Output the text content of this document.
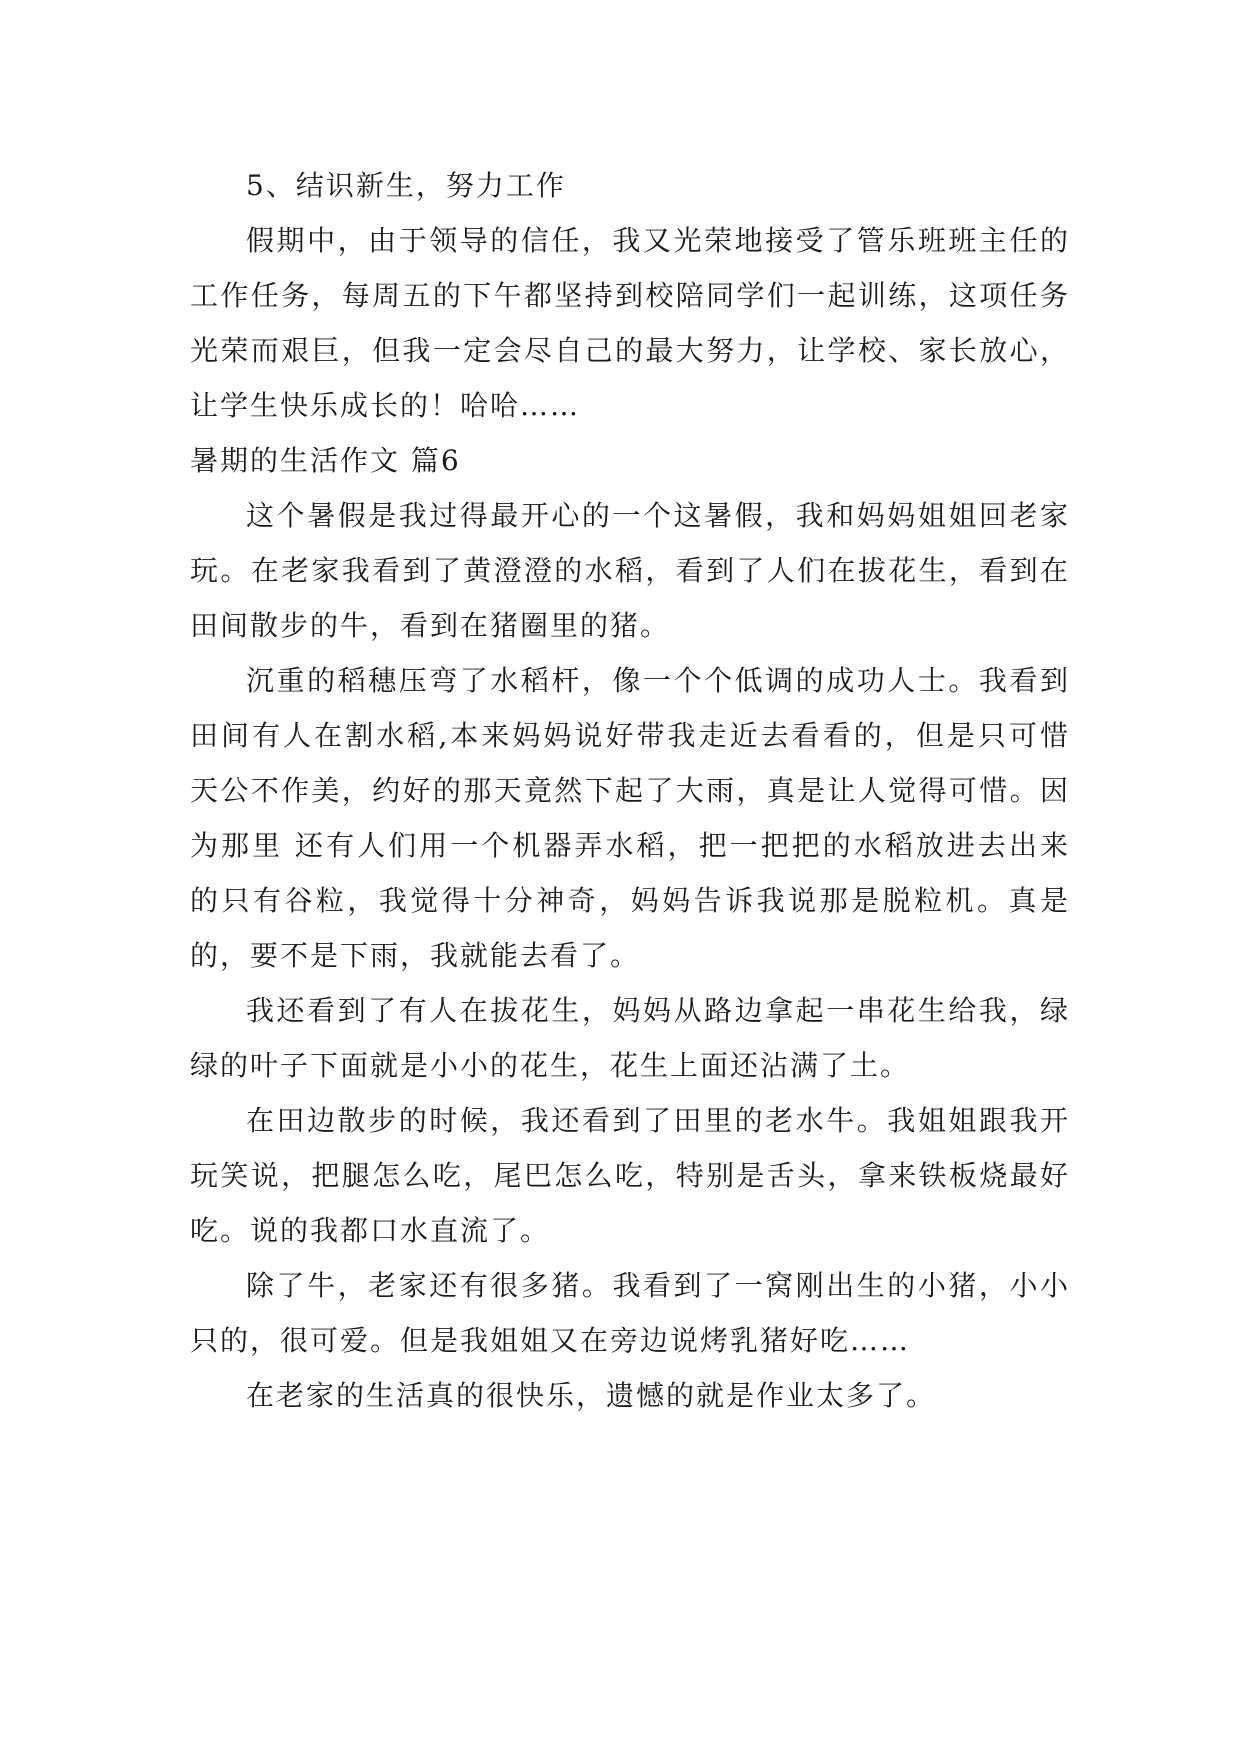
5、结识新生，努力工作

假期中，由于领导的信任，我又光荣地接受了管乐班班主任的工作任务，每周五的下午都坚持到校陪同学们一起训练，这项任务光荣而艰巨，但我一定会尽自己的最大努力，让学校、家长放心，让学生快乐成长的！哈哈……

暑期的生活作文 篇6

这个暑假是我过得最开心的一个这暑假，我和妈妈姐姐回老家玩。在老家我看到了黄澄澄的水稻，看到了人们在拔花生，看到在田间散步的牛，看到在猪圈里的猪。

沉重的稻穗压弯了水稻杆，像一个个低调的成功人士。我看到田间有人在割水稻,本来妈妈说好带我走近去看看的，但是只可惜天公不作美，约好的那天竟然下起了大雨，真是让人觉得可惜。因为那里 还有人们用一个机器弄水稻，把一把把的水稻放进去出来的只有谷粒，我觉得十分神奇，妈妈告诉我说那是脱粒机。真是的，要不是下雨，我就能去看了。

我还看到了有人在拔花生，妈妈从路边拿起一串花生给我，绿绿的叶子下面就是小小的花生，花生上面还沾满了土。

在田边散步的时候，我还看到了田里的老水牛。我姐姐跟我开玩笑说，把腿怎么吃，尾巴怎么吃，特别是舌头，拿来铁板烧最好吃。说的我都口水直流了。

除了牛，老家还有很多猪。我看到了一窝刚出生的小猪，小小只的，很可爱。但是我姐姐又在旁边说烤乳猪好吃……

在老家的生活真的很快乐，遗憾的就是作业太多了。
